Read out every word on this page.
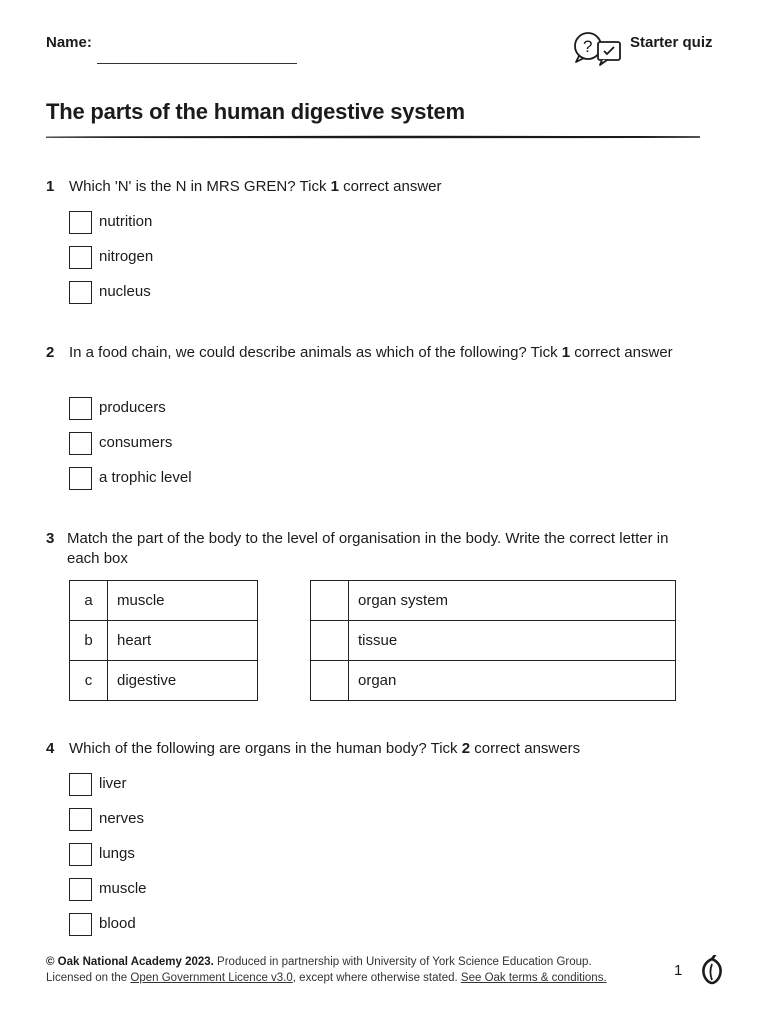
Name:	?	Starter quiz
The parts of the human digestive system
1 Which 'N' is the N in MRS GREN? Tick 1 correct answer
nutrition
nitrogen
nucleus
2 In a food chain, we could describe animals as which of the following? Tick 1 correct answer
producers
consumers
a trophic level
3 Match the part of the body to the level of organisation in the body. Write the correct letter in each box
a	muscle
b	heart
c	digestive
	organ system
	tissue
	organ
4 Which of the following are organs in the human body? Tick 2 correct answers
liver
nerves
lungs
muscle
blood
© Oak National Academy 2023. Produced in partnership with University of York Science Education Group.
Licensed on the Open Government Licence v3.0, except where otherwise stated. See Oak terms & conditions.	1
